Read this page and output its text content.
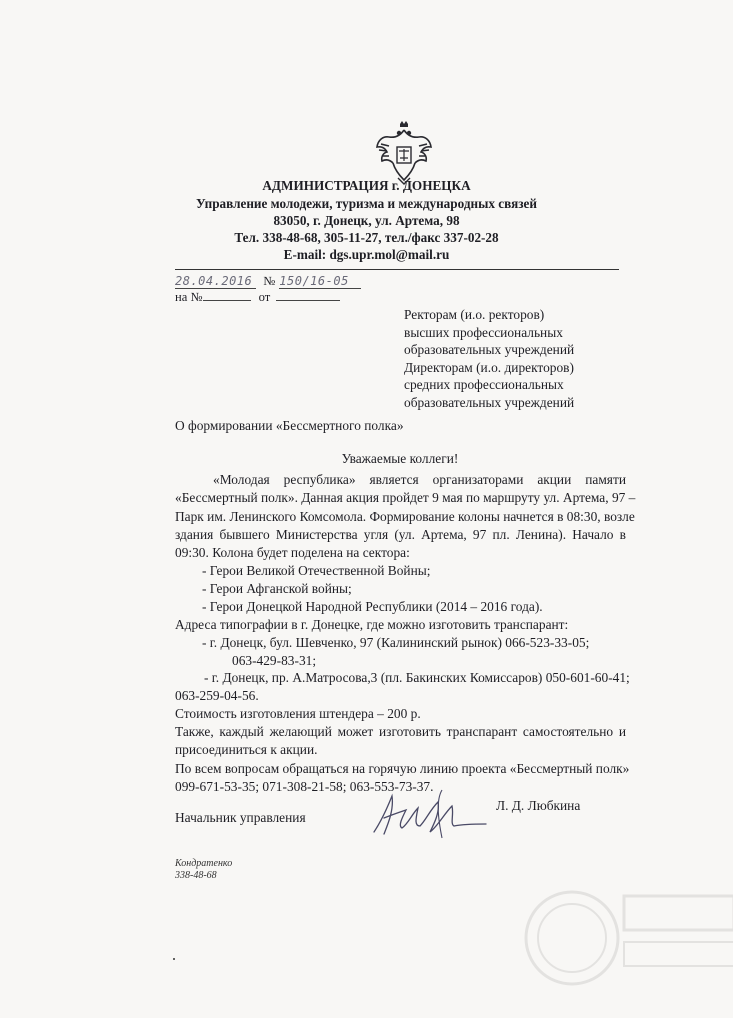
АДМИНИСТРАЦИЯ г. ДОНЕЦКА
Управление молодежи, туризма и международных связей
83050, г. Донецк, ул. Артема, 98
Тел. 338-48-68, 305-11-27, тел./факс 337-02-28
E-mail: dgs.upr.mol@mail.ru
28.04.2016 № 150/16-05
на №	от
Ректорам (и.о. ректоров)
высших профессиональных
образовательных учреждений
Директорам (и.о. директоров)
средних профессиональных
образовательных учреждений
О формировании «Бессмертного полка»
Уважаемые коллеги!
«Молодая республика» является организаторами акции памяти
«Бессмертный полк». Данная акция пройдет 9 мая по маршруту ул. Артема, 97 –
Парк им. Ленинского Комсомола. Формирование колоны начнется в 08:30, возле
здания бывшего Министерства угля (ул. Артема, 97 пл. Ленина). Начало в
09:30. Колона будет поделена на сектора:
- Герои Великой Отечественной Войны;
- Герои Афганской войны;
- Герои Донецкой Народной Республики (2014 – 2016 года).
Адреса типографии в г. Донецке, где можно изготовить транспарант:
- г. Донецк, бул. Шевченко, 97 (Калининский рынок) 066-523-33-05;
063-429-83-31;
- г. Донецк, пр. А.Матросова,3 (пл. Бакинских Комиссаров) 050-601-60-41;
063-259-04-56.
Стоимость изготовления штендера – 200 р.
Также, каждый желающий может изготовить транспарант самостоятельно и
присоединиться к акции.
По всем вопросам обращаться на горячую линию проекта «Бессмертный полк»
099-671-53-35; 071-308-21-58; 063-553-73-37.
Начальник управления
Л. Д. Любкина
Кондратенко
338-48-68
